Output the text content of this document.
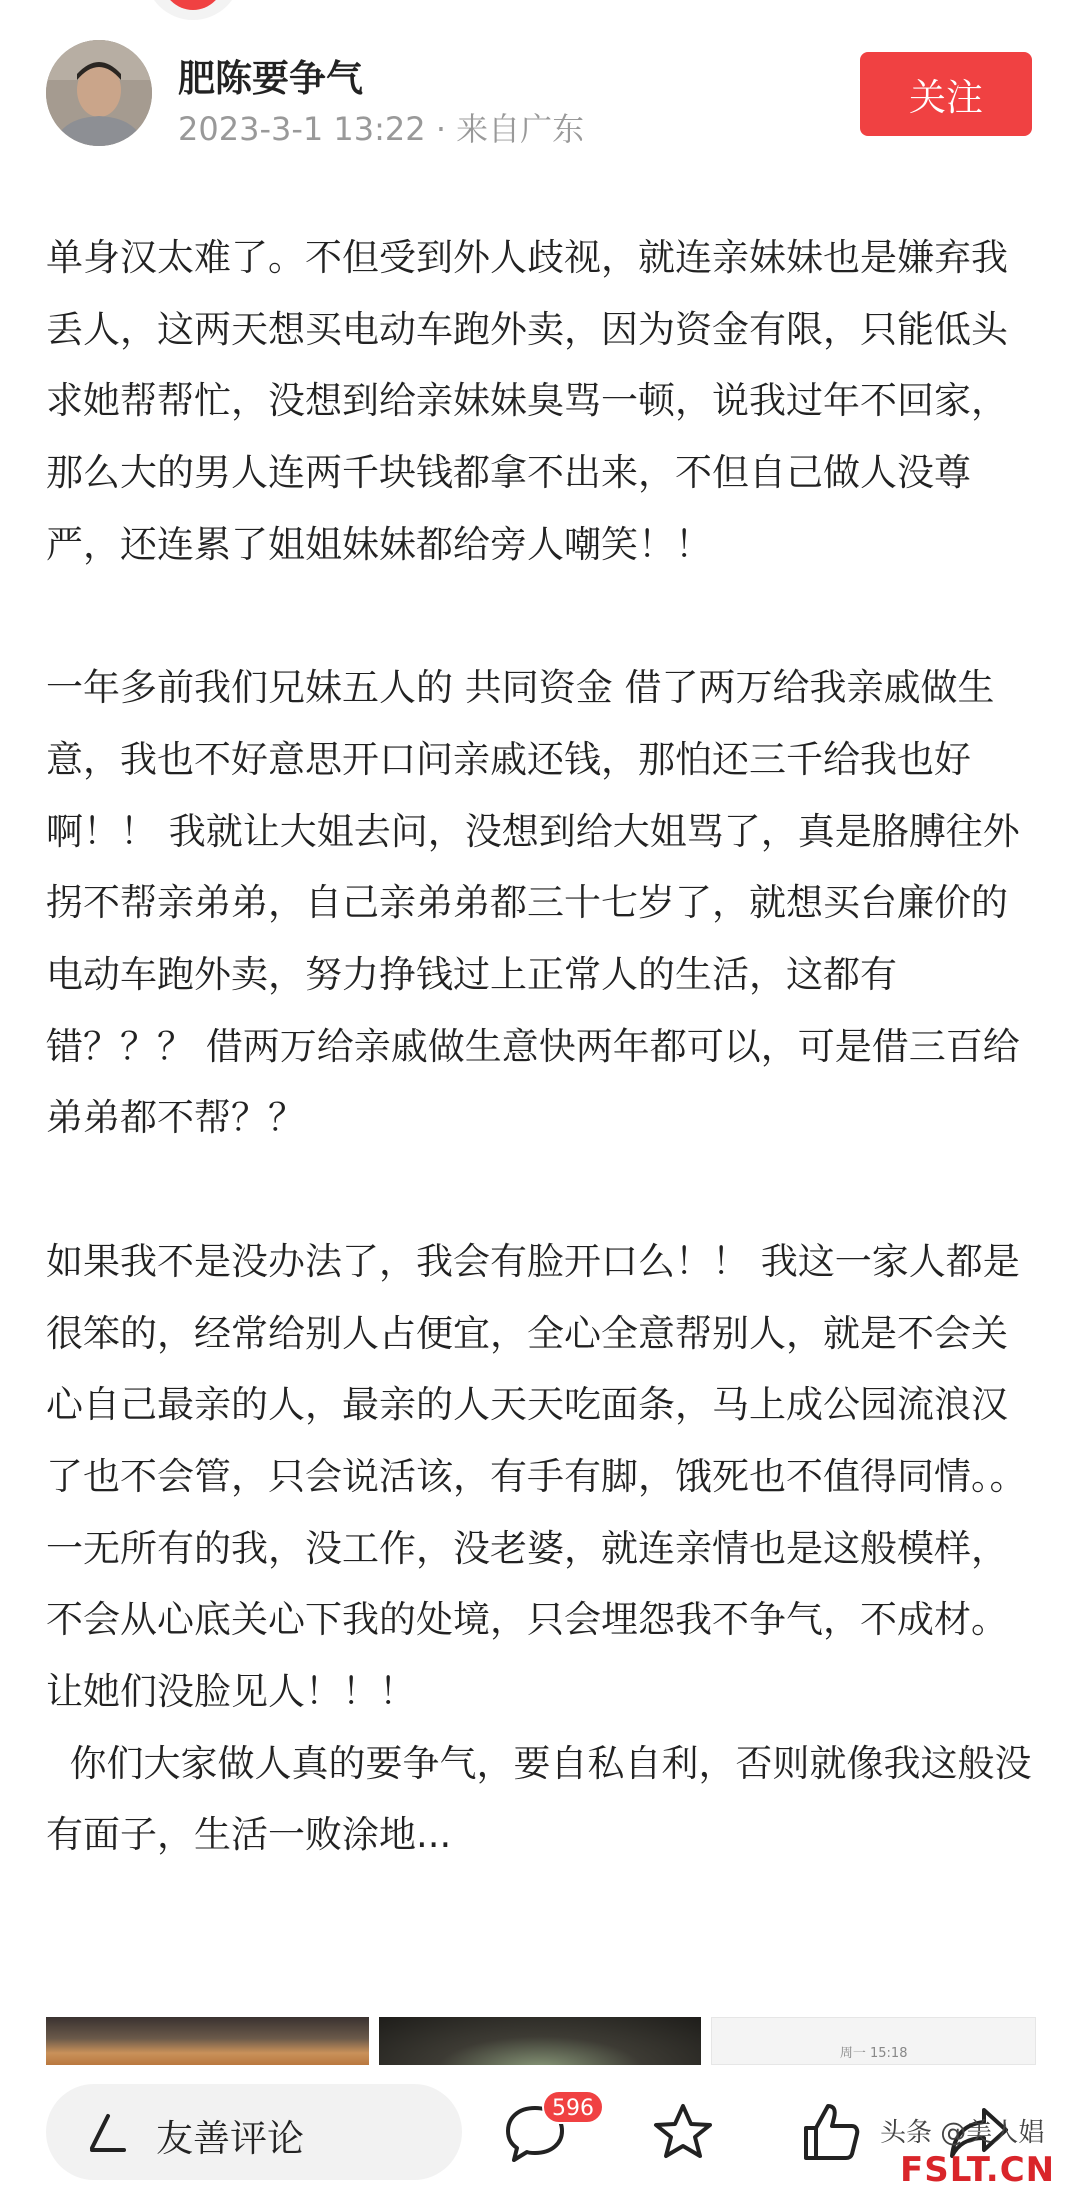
肥陈要争气
2023-3-1 13:22 · 来自广东
关注

单身汉太难了。不但受到外人歧视，就连亲妹妹也是嫌弃我丢人，这两天想买电动车跑外卖，因为资金有限，只能低头求她帮帮忙，没想到给亲妹妹臭骂一顿，说我过年不回家，那么大的男人连两千块钱都拿不出来，不但自己做人没尊严，还连累了姐姐妹妹都给旁人嘲笑！！

一年多前我们兄妹五人的 共同资金 借了两万给我亲戚做生意，我也不好意思开口问亲戚还钱，那怕还三千给我也好啊！！ 我就让大姐去问，没想到给大姐骂了，真是胳膊往外拐不帮亲弟弟，自己亲弟弟都三十七岁了，就想买台廉价的电动车跑外卖，努力挣钱过上正常人的生活，这都有错？？？ 借两万给亲戚做生意快两年都可以，可是借三百给弟弟都不帮？？

如果我不是没办法了，我会有脸开口么！！ 我这一家人都是很笨的，经常给别人占便宜，全心全意帮别人，就是不会关心自己最亲的人，最亲的人天天吃面条，马上成公园流浪汉了也不会管，只会说活该，有手有脚，饿死也不值得同情。。一无所有的我，没工作，没老婆，就连亲情也是这般模样，不会从心底关心下我的处境，只会埋怨我不争气，不成材。让她们没脸见人！！！

你们大家做人真的要争气，要自私自利，否则就像我这般没有面子，生活一败涂地...

周一 15:18
友善评论
596
头条 @美人娼
FSLT.CN
